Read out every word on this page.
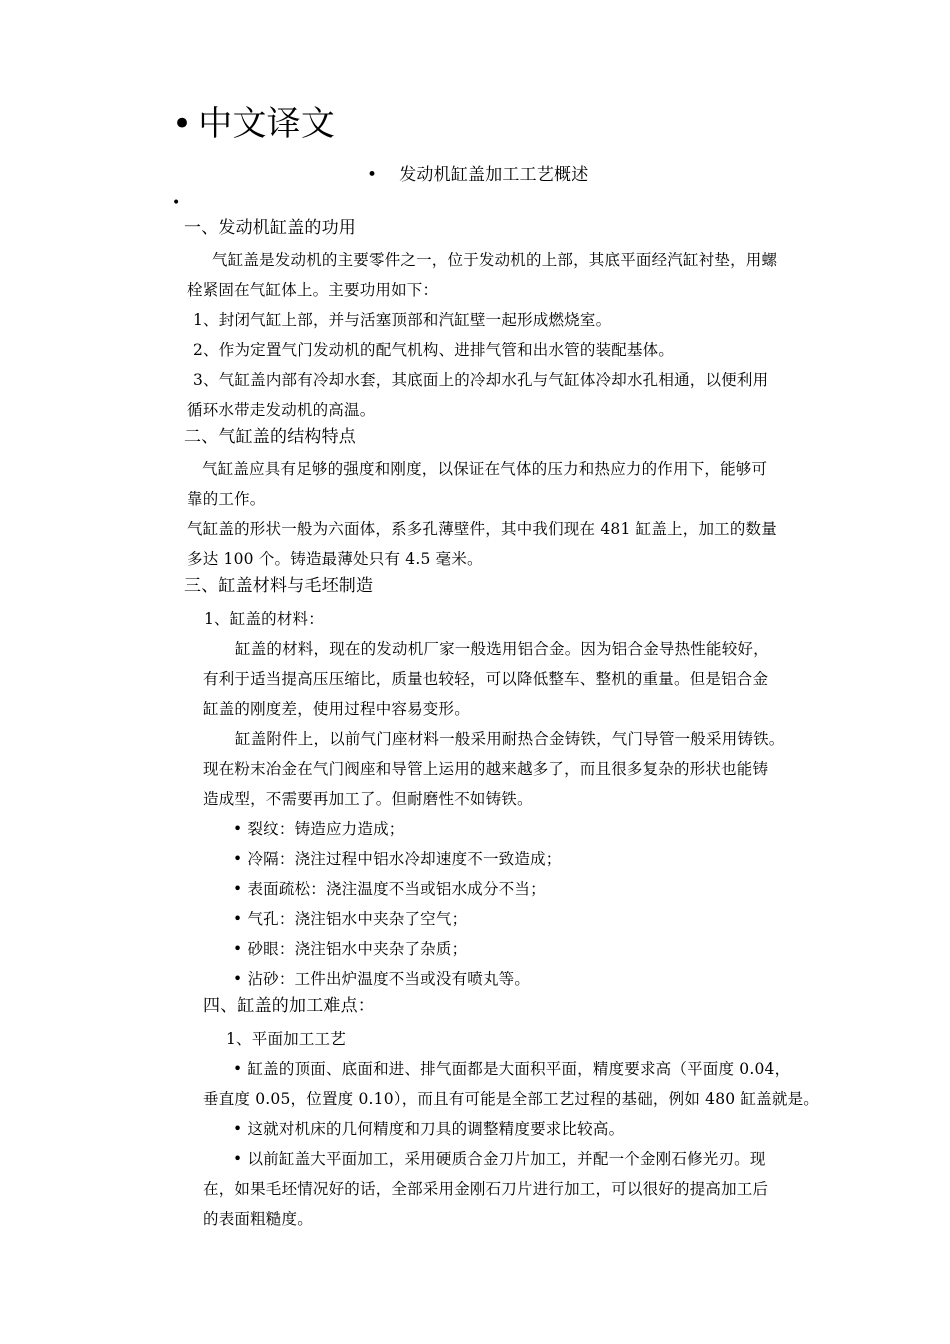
• 中文译文
• 发动机缸盖加工工艺概述
•
一、发动机缸盖的功用
气缸盖是发动机的主要零件之一，位于发动机的上部，其底平面经汽缸衬垫，用螺
栓紧固在气缸体上。主要功用如下：
1、封闭气缸上部，并与活塞顶部和汽缸壁一起形成燃烧室。
2、作为定置气门发动机的配气机构、进排气管和出水管的装配基体。
3、气缸盖内部有冷却水套，其底面上的冷却水孔与气缸体冷却水孔相通，以便利用
循环水带走发动机的高温。
二、气缸盖的结构特点
气缸盖应具有足够的强度和刚度，以保证在气体的压力和热应力的作用下，能够可
靠的工作。
气缸盖的形状一般为六面体，系多孔薄壁件，其中我们现在 481 缸盖上，加工的数量
多达 100 个。铸造最薄处只有 4.5 毫米。
三、缸盖材料与毛坯制造
1、缸盖的材料：
缸盖的材料，现在的发动机厂家一般选用铝合金。因为铝合金导热性能较好，
有利于适当提高压压缩比，质量也较轻，可以降低整车、整机的重量。但是铝合金
缸盖的刚度差，使用过程中容易变形。
缸盖附件上，以前气门座材料一般采用耐热合金铸铁，气门导管一般采用铸铁。
现在粉末冶金在气门阀座和导管上运用的越来越多了，而且很多复杂的形状也能铸
造成型，不需要再加工了。但耐磨性不如铸铁。
• 裂纹：铸造应力造成；
• 冷隔：浇注过程中铝水冷却速度不一致造成；
• 表面疏松：浇注温度不当或铝水成分不当；
• 气孔：浇注铝水中夹杂了空气；
• 砂眼：浇注铝水中夹杂了杂质；
• 沾砂：工件出炉温度不当或没有喷丸等。
四、缸盖的加工难点：
1、平面加工工艺
• 缸盖的顶面、底面和进、排气面都是大面积平面，精度要求高（平面度 0.04，
垂直度 0.05，位置度 0.10），而且有可能是全部工艺过程的基础，例如 480 缸盖就是。
• 这就对机床的几何精度和刀具的调整精度要求比较高。
• 以前缸盖大平面加工，采用硬质合金刀片加工，并配一个金刚石修光刃。现
在，如果毛坯情况好的话，全部采用金刚石刀片进行加工，可以很好的提高加工后
的表面粗糙度。
